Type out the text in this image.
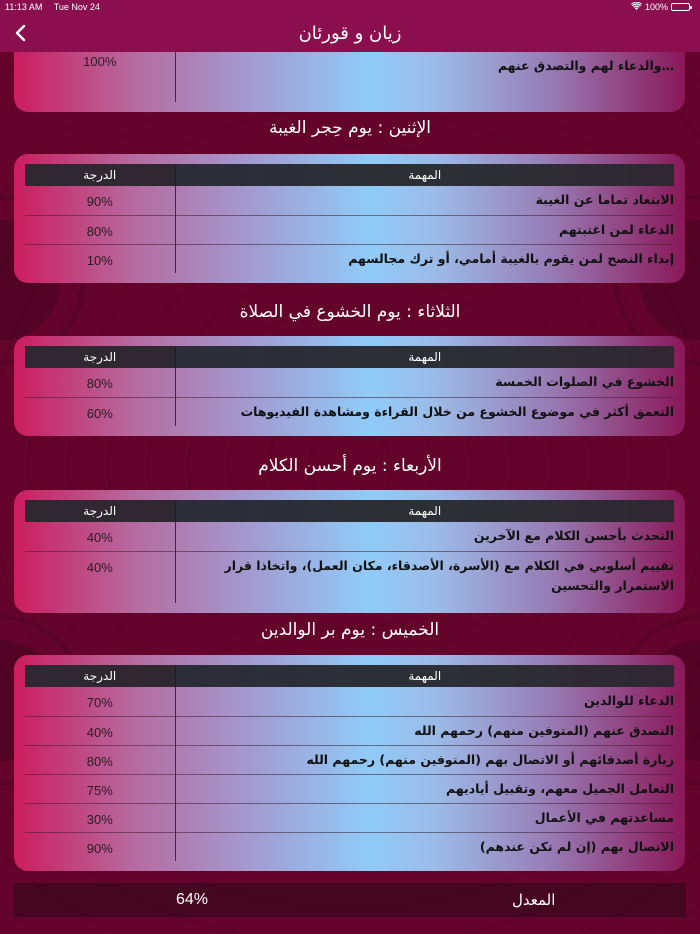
11:13 AM Tue Nov 24	100%
زيان و قورئان
…والدعاء لهم والتصدق عنهم	100%
الإثنين : يوم حِجر الغيبة
المهمة	الدرجة
الابتعاد تماما عن الغيبة	90%
الدعاء لمن اغتبتهم	80%
إبداء النصح لمن يقوم بالغيبة أمامي، أو ترك مجالسهم	10%
الثلاثاء : يوم الخشوع في الصلاة
المهمة	الدرجة
الخشوع في الصلوات الخمسة	80%
التعمق أكثر في موضوع الخشوع من خلال القراءة ومشاهدة الفيديوهات	60%
الأربعاء : يوم أحسن الكلام
المهمة	الدرجة
التحدث بأحسن الكلام مع الآخرين	40%
تقييم أسلوبي في الكلام مع (الأسرة، الأصدقاء، مكان العمل)، واتخاذا قرار الاستمرار والتحسين	40%
الخميس : يوم بر الوالدين
المهمة	الدرجة
الدعاء للوالدين	70%
التصدق عنهم (المتوفين منهم) رحمهم الله	40%
زيارة أصدقائهم أو الاتصال بهم (المتوفين منهم) رحمهم الله	80%
التعامل الجميل معهم، وتقبيل أياديهم	75%
مساعدتهم في الأعمال	30%
الاتصال بهم (إن لم تكن عندهم)	90%
64%	المعدل
